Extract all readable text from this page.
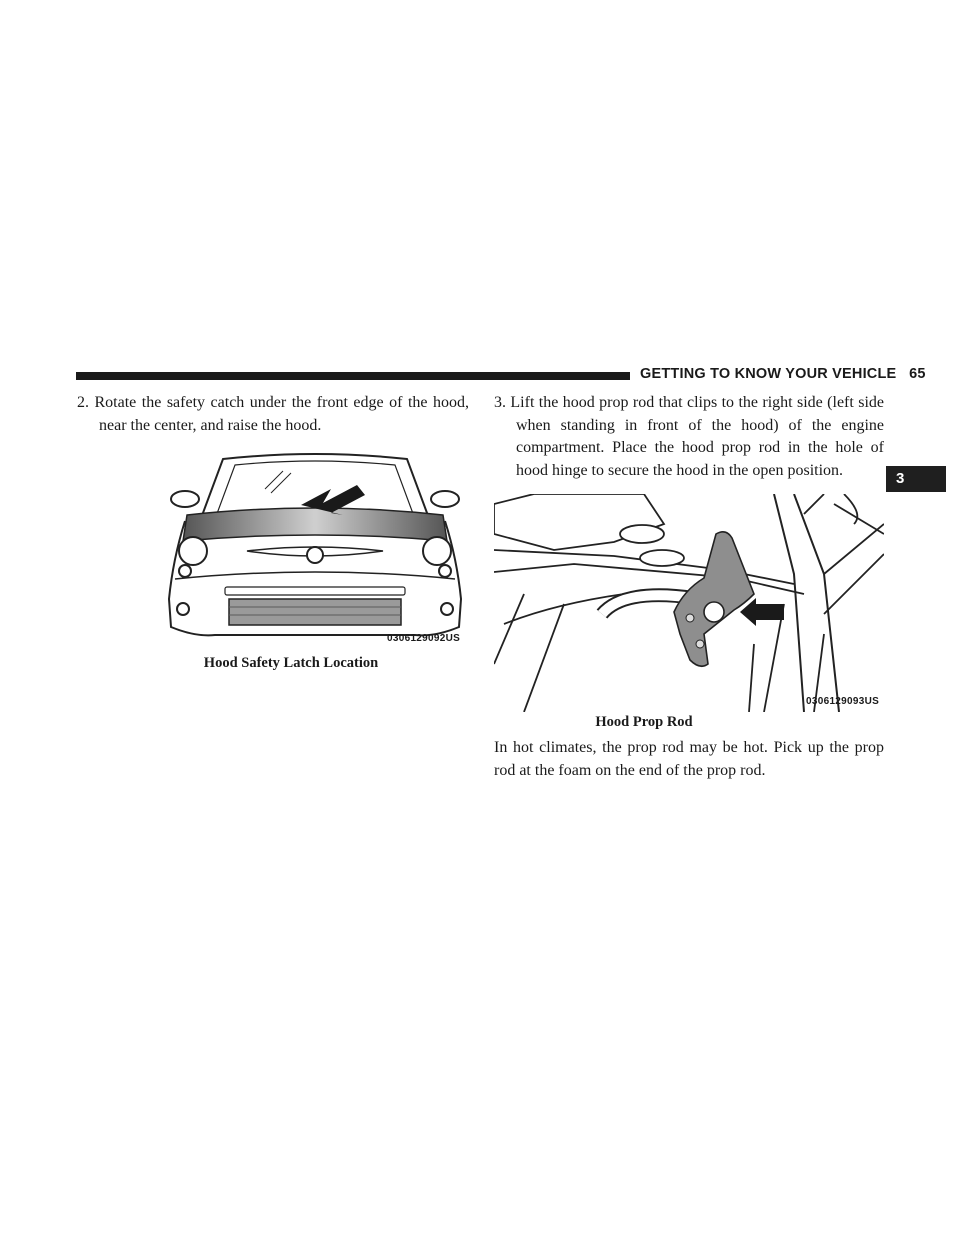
GETTING TO KNOW YOUR VEHICLE   65
3

2. Rotate the safety catch under the front edge of the hood, near the center, and raise the hood.

0306129092US

Hood Safety Latch Location

3. Lift the hood prop rod that clips to the right side (left side when standing in front of the hood) of the engine compartment. Place the hood prop rod in the hole of hood hinge to secure the hood in the open position.

0306129093US

Hood Prop Rod

In hot climates, the prop rod may be hot. Pick up the prop rod at the foam on the end of the prop rod.
